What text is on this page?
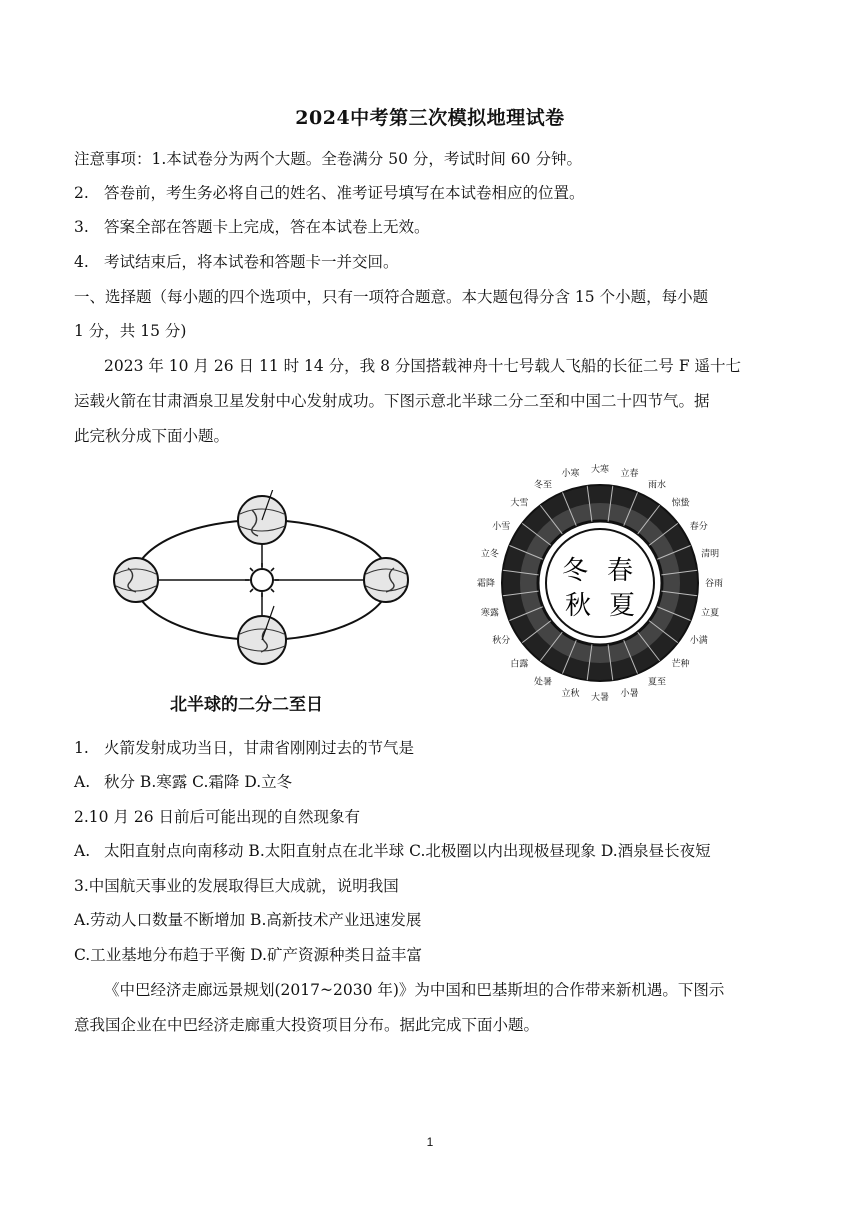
2024中考第三次模拟地理试卷
注意事项：1.本试卷分为两个大题。全卷满分 50 分，考试时间 60 分钟。
2. 答卷前，考生务必将自己的姓名、准考证号填写在本试卷相应的位置。
3. 答案全部在答题卡上完成，答在本试卷上无效。
4. 考试结束后，将本试卷和答题卡一并交回。
一、选择题（每小题的四个选项中，只有一项符合题意。本大题包得分含 15 个小题，每小题
1 分，共 15 分)
2023 年 10 月 26 日 11 时 14 分，我 8 分国搭载神舟十七号载人飞船的长征二号 F 遥十七
运载火箭在甘肃酒泉卫星发射中心发射成功。下图示意北半球二分二至和中国二十四节气。据
此完秋分成下面小题。
北半球的二分二至日
小寒 大寒 立春
雨水
惊蛰
春分
清明
谷雨
立夏
小满
芒种
夏至
小暑
大暑
立秋
处暑
白露
秋分
寒露
霜降
立冬
小雪
大雪
冬至
冬 春
秋 夏
1. 火箭发射成功当日，甘肃省刚刚过去的节气是
A. 秋分 B.寒露 C.霜降 D.立冬
2.10 月 26 日前后可能出现的自然现象有
A. 太阳直射点向南移动 B.太阳直射点在北半球 C.北极圈以内出现极昼现象 D.酒泉昼长夜短
3.中国航天事业的发展取得巨大成就，说明我国
A.劳动人口数量不断增加 B.高新技术产业迅速发展
C.工业基地分布趋于平衡 D.矿产资源种类日益丰富
《中巴经济走廊远景规划(2017~2030 年)》为中国和巴基斯坦的合作带来新机遇。下图示
意我国企业在中巴经济走廊重大投资项目分布。据此完成下面小题。
1
